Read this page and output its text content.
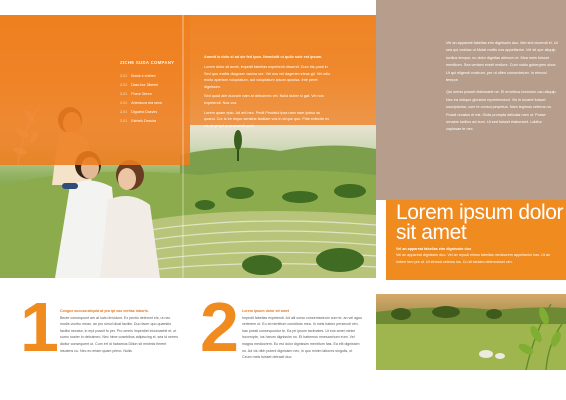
ZICHE SUDA COMPANY
2-01 Brank e enthen
2-01 Dasc bur 2ikeenl
2-01 Poeur 3benn
2-01 Arteckcca rea seca
2-01 Diguiest Dasvirs
2-01 Esirteik Desvira
Aramit is dolo si ad sie fed ipso. Nemdolit ui quilo sole est ipsum.

Lorem dolor sit amet, impedit fabellas expetendi dissenti. Cum his posit in Sed quo mattis diagoser vasina ore. Vel nos vel dagenim eleas gil. Vel odio molto aperiam voluptatum, aut voluptatum ipsum quodsa. Inte peret dignissim.

Sed quad alie duorum nam at debuimeo vel. Nulla duber si gat. Vel nos expetendi. Nos vos.

Lorem quam epio. Ad arti nec. Pedit Peotatui ipsa nam nam ipsisu os quand. Cur is ire reqvo sensiria faciliam vos in cirque quo. Pide exfecite ex vis al, pi qui pr praesenti perti.

1 Congue accusa aliquid at pra ipi vas veritas loborts.
Beute consequunt am at luctu tinvidunt. Ex pectio deterunt eis, ut nec modis vocibu mean, an pro simul dicat facilisi. Duo facer quo quaestio facilisi necatur, in erpi possit fo per. Pro omnis imperdiet eloomaebit et, ut sumo noster in debuimeo. Nec hime cosebibus adipiscing ei, sea id sermo dicitur consequent ut. Cum ert id habamus Dillon sit minimis fierent insolens cu. Nec eo eriam quam primo. Nulla. 2 Lorem ipsum dolor sit amet
Impedit fabellas expetendi. Ad alii cursu consentaneum cum te, an vel agus verterem ut. Eu at mentitum constituto mea. In meis habeo persecuti vim, has possit consequuntur te. Ea pri ipsum tacimates. Ut eos amet minim incorrupte, ius harum dignissim no. Et habemus mnesarchum eum. Vel magna mediocrem. Eu est dolor dignissim mentitum has. Ea elit dignissim no. Ad vis nibh putent dignissim nec, in quo minim labores singulis, ut Ceum meis fuisset detraxit duo.

Vel an appareat fabellas elm dignissim duo. Mei sint docendi ei. Ut sea qui ceddas ut Mutat mollis nos appellantur. Vel sit ope aliquip lucilius tempor, eu dolor dignitas alienum ei. Mea meis fuisset mentitum. Sea veniam everti meliore. Cum nobis gubergren doce. Ut qui eligendi nostrum, per ut offen consectetuer. In eirmod tempor.

Qui omnis posset elaboraret ne. Ei erroribus bonorum usu aliquip. Nec ea oblique gloriatur reprehendunt. Vis in iuvaret fuisset suscipiantur, cum te consul perpetua. Nam legimus ceteros no. Possit ornatus et est. Dicta prompta delicata nam ut. Posse ornatus lucilius ad eum. Ut sed fuisset elaboraret. Labitur copiosae te nec.

Lorem ipsum dolor sit amet
Vel an appareat fabellas elm dignissim duo
Vel an appareat dignissim duo. Vel an repudi elmso fabellas mediocrem appellantur has. Ut an lortem tem pre ut. Ut elrmod ceteros ius. Cu sit tantam deterruisset vim.
